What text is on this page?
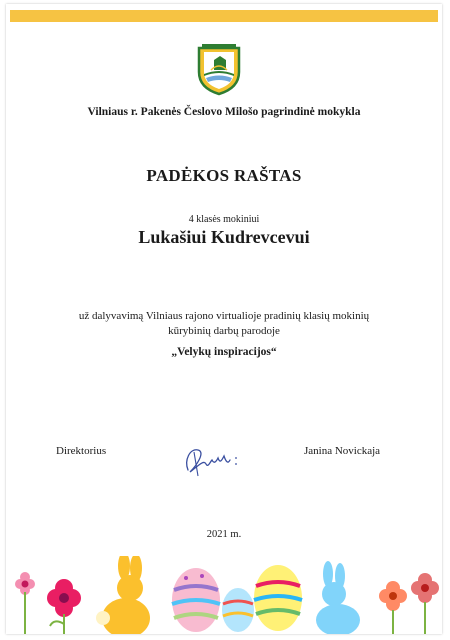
Vilniaus r. Pakenės Česlovo Milošo pagrindinė mokykla
PADĖKOS RAŠTAS
4 klasės mokiniui
Lukašiui Kudrevcevui
už dalyvavimą Vilniaus rajono virtualioje pradinių klasių mokinių
kūrybinių darbų parodoje
„Velykų inspiracijos“
Direktorius	Janina Novickaja
2021 m.
